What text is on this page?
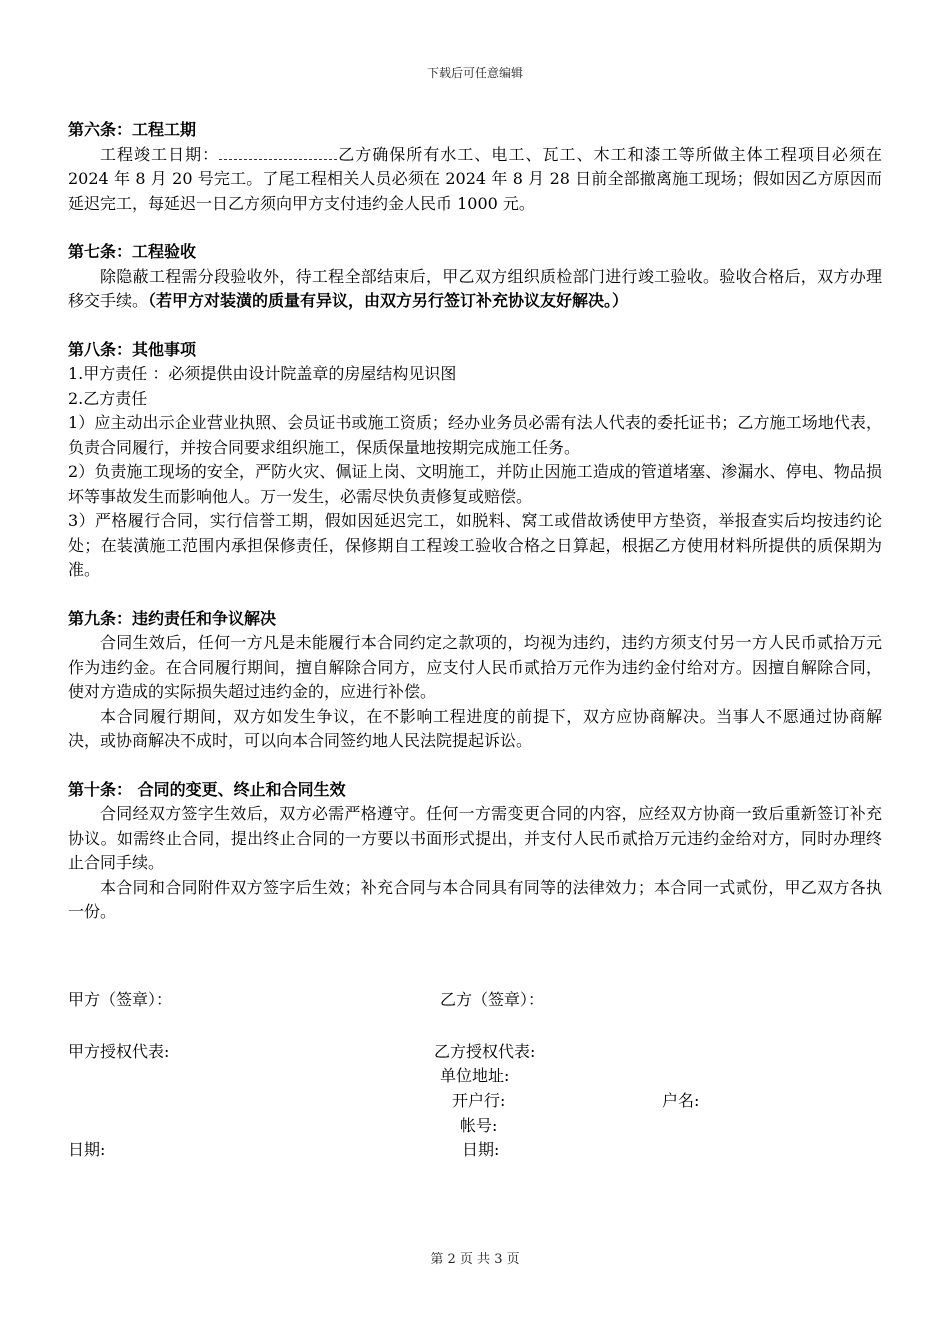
下载后可任意编辑

第六条：工程工期

工程竣工日期：	乙方确保所有水工、电工、瓦工、木工和漆工等所做主体工程项目必须在 2024 年 8 月 20 号完工。了尾工程相关人员必须在 2024 年 8 月 28 日前全部撤离施工现场；假如因乙方原因而延迟完工，每延迟一日乙方须向甲方支付违约金人民币 1000 元。

第七条：工程验收

除隐蔽工程需分段验收外，待工程全部结束后，甲乙双方组织质检部门进行竣工验收。验收合格后，双方办理移交手续。（若甲方对装潢的质量有异议，由双方另行签订补充协议友好解决。）

第八条：其他事项

1.甲方责任 ：必须提供由设计院盖章的房屋结构见识图

2.乙方责任

1）应主动出示企业营业执照、会员证书或施工资质；经办业务员必需有法人代表的委托证书；乙方施工场地代表，负责合同履行，并按合同要求组织施工，保质保量地按期完成施工任务。

2）负责施工现场的安全，严防火灾、佩证上岗、文明施工，并防止因施工造成的管道堵塞、渗漏水、停电、物品损坏等事故发生而影响他人。万一发生，必需尽快负责修复或赔偿。

3）严格履行合同，实行信誉工期，假如因延迟完工，如脱料、窝工或借故诱使甲方垫资，举报查实后均按违约论处；在装潢施工范围内承担保修责任，保修期自工程竣工验收合格之日算起，根据乙方使用材料所提供的质保期为准。

第九条：违约责任和争议解决

合同生效后，任何一方凡是未能履行本合同约定之款项的，均视为违约，违约方须支付另一方人民币贰拾万元作为违约金。在合同履行期间，擅自解除合同方，应支付人民币贰拾万元作为违约金付给对方。因擅自解除合同，使对方造成的实际损失超过违约金的，应进行补偿。

本合同履行期间，双方如发生争议，在不影响工程进度的前提下，双方应协商解决。当事人不愿通过协商解决，或协商解决不成时，可以向本合同签约地人民法院提起诉讼。

第十条： 合同的变更、终止和合同生效

合同经双方签字生效后，双方必需严格遵守。任何一方需变更合同的内容，应经双方协商一致后重新签订补充协议。如需终止合同，提出终止合同的一方要以书面形式提出，并支付人民币贰拾万元违约金给对方，同时办理终止合同手续。

本合同和合同附件双方签字后生效；补充合同与本合同具有同等的法律效力；本合同一式贰份，甲乙双方各执一份。

甲方（签章）：	乙方（签章）：
甲方授权代表:	乙方授权代表:
单位地址:
开户行:	户名:
帐号:
日期:	日期:
第 2 页 共 3 页
